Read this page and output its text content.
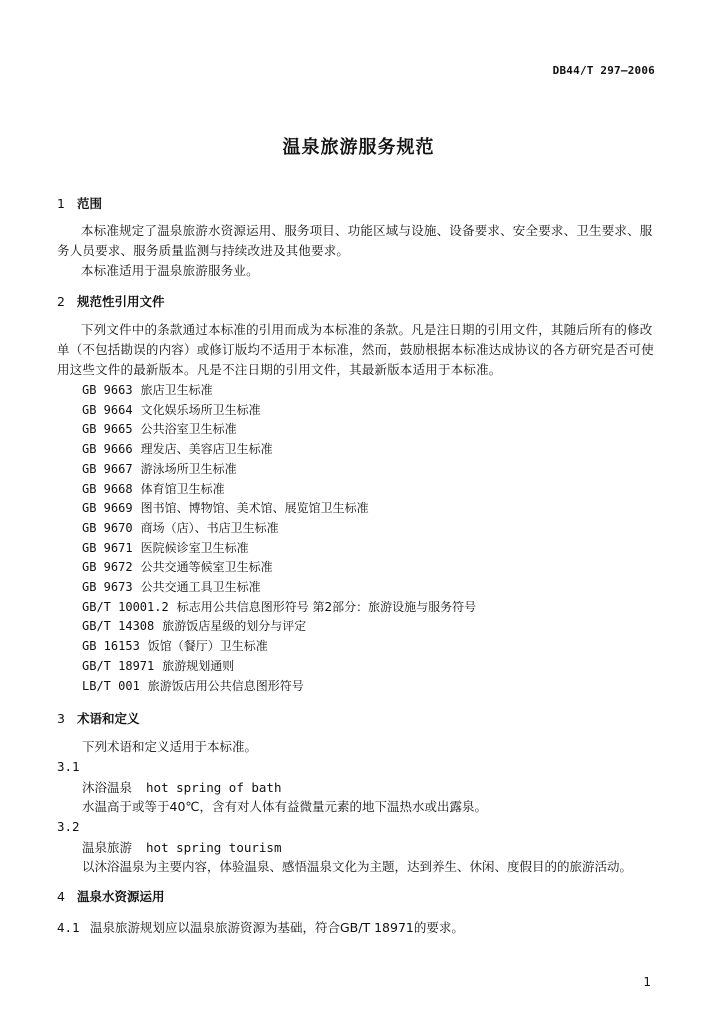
DB44/T 297—2006
温泉旅游服务规范
1 范围
本标准规定了温泉旅游水资源运用、服务项目、功能区域与设施、设备要求、安全要求、卫生要求、服务人员要求、服务质量监测与持续改进及其他要求。
本标准适用于温泉旅游服务业。
2 规范性引用文件
下列文件中的条款通过本标准的引用而成为本标准的条款。凡是注日期的引用文件，其随后所有的修改单（不包括勘误的内容）或修订版均不适用于本标准，然而，鼓励根据本标准达成协议的各方研究是否可使用这些文件的最新版本。凡是不注日期的引用文件，其最新版本适用于本标准。
GB 9663 旅店卫生标准
GB 9664 文化娱乐场所卫生标准
GB 9665 公共浴室卫生标准
GB 9666 理发店、美容店卫生标准
GB 9667 游泳场所卫生标准
GB 9668 体育馆卫生标准
GB 9669 图书馆、博物馆、美术馆、展览馆卫生标准
GB 9670 商场（店）、书店卫生标准
GB 9671 医院候诊室卫生标准
GB 9672 公共交通等候室卫生标准
GB 9673 公共交通工具卫生标准
GB/T 10001.2 标志用公共信息图形符号 第2部分：旅游设施与服务符号
GB/T 14308 旅游饭店星级的划分与评定
GB 16153 饭馆（餐厅）卫生标准
GB/T 18971 旅游规划通则
LB/T 001 旅游饭店用公共信息图形符号
3 术语和定义
下列术语和定义适用于本标准。
3.1
沐浴温泉 hot spring of bath
水温高于或等于40℃，含有对人体有益微量元素的地下温热水或出露泉。
3.2
温泉旅游 hot spring tourism
以沐浴温泉为主要内容，体验温泉、感悟温泉文化为主题，达到养生、休闲、度假目的的旅游活动。
4 温泉水资源运用
4.1 温泉旅游规划应以温泉旅游资源为基础，符合GB/T 18971的要求。
1
